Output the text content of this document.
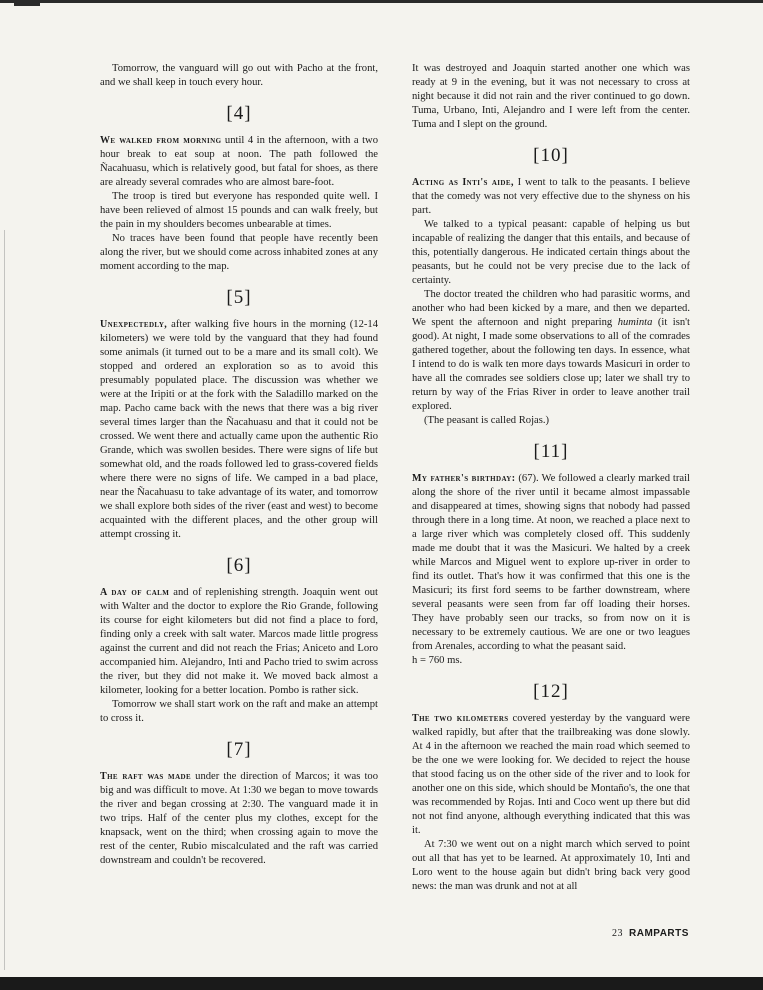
Tomorrow, the vanguard will go out with Pacho at the front, and we shall keep in touch every hour.

[4]

We walked from morning until 4 in the afternoon, with a two hour break to eat soup at noon. The path followed the Ñacahuasu, which is relatively good, but fatal for shoes, as there are already several comrades who are almost bare-foot.

The troop is tired but everyone has responded quite well. I have been relieved of almost 15 pounds and can walk freely, but the pain in my shoulders becomes unbearable at times.

No traces have been found that people have recently been along the river, but we should come across inhabited zones at any moment according to the map.

[5]

Unexpectedly, after walking five hours in the morning (12-14 kilometers) we were told by the vanguard that they had found some animals (it turned out to be a mare and its small colt). We stopped and ordered an exploration so as to avoid this presumably populated place. The discussion was whether we were at the Iripiti or at the fork with the Saladillo marked on the map. Pacho came back with the news that there was a big river several times larger than the Ñacahuasu and that it could not be crossed. We went there and actually came upon the authentic Rio Grande, which was swollen besides. There were signs of life but somewhat old, and the roads followed led to grass-covered fields where there were no signs of life. We camped in a bad place, near the Ñacahuasu to take advantage of its water, and tomorrow we shall explore both sides of the river (east and west) to become acquainted with the different places, and the other group will attempt crossing it.

[6]

A day of calm and of replenishing strength. Joaquin went out with Walter and the doctor to explore the Rio Grande, following its course for eight kilometers but did not find a place to ford, finding only a creek with salt water. Marcos made little progress against the current and did not reach the Frias; Aniceto and Loro accompanied him. Alejandro, Inti and Pacho tried to swim across the river, but they did not make it. We moved back almost a kilometer, looking for a better location. Pombo is rather sick.

Tomorrow we shall start work on the raft and make an attempt to cross it.

[7]

The raft was made under the direction of Marcos; it was too big and was difficult to move. At 1:30 we began to move towards the river and began crossing at 2:30. The vanguard made it in two trips. Half of the center plus my clothes, except for the knapsack, went on the third; when crossing again to move the rest of the center, Rubio miscalculated and the raft was carried downstream and couldn't be recovered.

It was destroyed and Joaquin started another one which was ready at 9 in the evening, but it was not necessary to cross at night because it did not rain and the river continued to go down. Tuma, Urbano, Inti, Alejandro and I were left from the center. Tuma and I slept on the ground.

[10]

Acting as Inti's aide, I went to talk to the peasants. I believe that the comedy was not very effective due to the shyness on his part.

We talked to a typical peasant: capable of helping us but incapable of realizing the danger that this entails, and because of this, potentially dangerous. He indicated certain things about the peasants, but he could not be very precise due to the lack of certainty.

The doctor treated the children who had parasitic worms, and another who had been kicked by a mare, and then we departed. We spent the afternoon and night preparing huminta (it isn't good). At night, I made some observations to all of the comrades gathered together, about the following ten days. In essence, what I intend to do is walk ten more days towards Masicuri in order to have all the comrades see soldiers close up; later we shall try to return by way of the Frias River in order to leave another trail explored.

(The peasant is called Rojas.)

[11]

My father's birthday: (67). We followed a clearly marked trail along the shore of the river until it became almost impassable and disappeared at times, showing signs that nobody had passed through there in a long time. At noon, we reached a place next to a large river which was completely closed off. This suddenly made me doubt that it was the Masicuri. We halted by a creek while Marcos and Miguel went to explore up-river in order to find its outlet. That's how it was confirmed that this one is the Masicuri; its first ford seems to be farther downstream, where several peasants were seen from far off loading their horses. They have probably seen our tracks, so from now on it is necessary to be extremely cautious. We are one or two leagues from Arenales, according to what the peasant said.

h = 760 ms.

[12]

The two kilometers covered yesterday by the vanguard were walked rapidly, but after that the trailbreaking was done slowly. At 4 in the afternoon we reached the main road which seemed to be the one we were looking for. We decided to reject the house that stood facing us on the other side of the river and to look for another one on this side, which should be Montaño's, the one that was recommended by Rojas. Inti and Coco went up there but did not not find anyone, although everything indicated that this was it.

At 7:30 we went out on a night march which served to point out all that has yet to be learned. At approximately 10, Inti and Loro went to the house again but didn't bring back very good news: the man was drunk and not at all

23 RAMPARTS
